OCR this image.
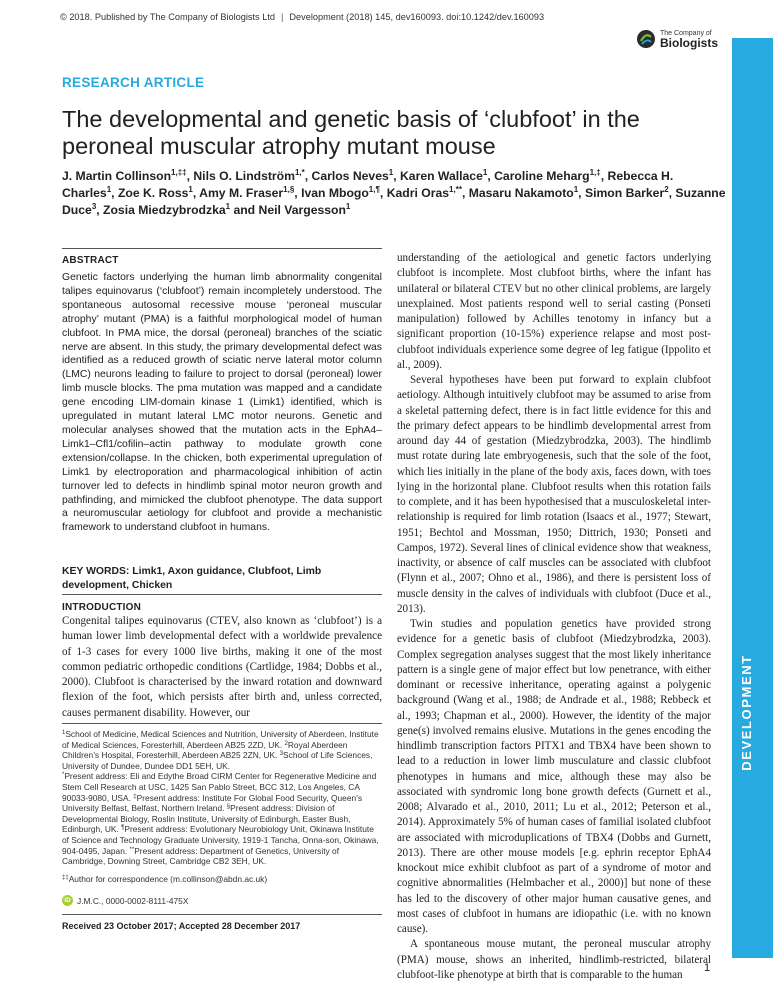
© 2018. Published by The Company of Biologists Ltd | Development (2018) 145, dev160093. doi:10.1242/dev.160093
The Company of
Biologists
DEVELOPMENT
RESEARCH ARTICLE
The developmental and genetic basis of ‘clubfoot’ in the peroneal muscular atrophy mutant mouse
J. Martin Collinson$^{1,\ddagger\ddagger}$, Nils O. Lindström$^{1,*}$, Carlos Neves$^1$, Karen Wallace$^1$, Caroline Meharg$^{1,\ddagger}$, Rebecca H. Charles$^1$, Zoe K. Ross$^1$, Amy M. Fraser$^{1,\S}$, Ivan Mbogo$^{1,\P}$, Kadri Oras$^{1,**}$, Masaru Nakamoto$^1$, Simon Barker$^2$, Suzanne Duce$^3$, Zosia Miedzybrodzka$^1$ and Neil Vargesson$^1$
ABSTRACT

Genetic factors underlying the human limb abnormality congenital talipes equinovarus (‘clubfoot’) remain incompletely understood. The spontaneous autosomal recessive mouse ‘peroneal muscular atrophy’ mutant (PMA) is a faithful morphological model of human clubfoot. In PMA mice, the dorsal (peroneal) branches of the sciatic nerve are absent. In this study, the primary developmental defect was identified as a reduced growth of sciatic nerve lateral motor column (LMC) neurons leading to failure to project to dorsal (peroneal) lower limb muscle blocks. The pma mutation was mapped and a candidate gene encoding LIM-domain kinase 1 (Limk1) identified, which is upregulated in mutant lateral LMC motor neurons. Genetic and molecular analyses showed that the mutation acts in the EphA4–Limk1–Cfl1/cofilin–actin pathway to modulate growth cone extension/collapse. In the chicken, both experimental upregulation of Limk1 by electroporation and pharmacological inhibition of actin turnover led to defects in hindlimb spinal motor neuron growth and pathfinding, and mimicked the clubfoot phenotype. The data support a neuromuscular aetiology for clubfoot and provide a mechanistic framework to understand clubfoot in humans.

KEY WORDS: Limk1, Axon guidance, Clubfoot, Limb development, Chicken

INTRODUCTION

Congenital talipes equinovarus (CTEV, also known as ‘clubfoot’) is a human lower limb developmental defect with a worldwide prevalence of 1-3 cases for every 1000 live births, making it one of the most common pediatric orthopedic conditions (Cartlidge, 1984; Dobbs et al., 2000). Clubfoot is characterised by the inward rotation and downward flexion of the foot, which persists after birth and, unless corrected, causes permanent disability. However, our

$^1$School of Medicine, Medical Sciences and Nutrition, University of Aberdeen, Institute of Medical Sciences, Foresterhill, Aberdeen AB25 2ZD, UK. $^2$Royal Aberdeen Children’s Hospital, Foresterhill, Aberdeen AB25 2ZN, UK. $^3$School of Life Sciences, University of Dundee, Dundee DD1 5EH, UK.
*Present address: Eli and Edythe Broad CIRM Center for Regenerative Medicine and Stem Cell Research at USC, 1425 San Pablo Street, BCC 312, Los Angeles, CA 90033-9080, USA. ‡Present address: Institute For Global Food Security, Queen’s University Belfast, Belfast, Northern Ireland. §Present address: Division of Developmental Biology, Roslin Institute, University of Edinburgh, Easter Bush, Edinburgh, UK. ¶Present address: Evolutionary Neurobiology Unit, Okinawa Institute of Science and Technology Graduate University, 1919-1 Tancha, Onna-son, Okinawa, 904-0495, Japan. **Present address: Department of Genetics, University of Cambridge, Downing Street, Cambridge CB2 3EH, UK.
‡‡Author for correspondence (m.collinson@abdn.ac.uk)
iD J.M.C., 0000-0002-8111-475X
Received 23 October 2017; Accepted 28 December 2017

understanding of the aetiological and genetic factors underlying clubfoot is incomplete. Most clubfoot births, where the infant has unilateral or bilateral CTEV but no other clinical problems, are largely unexplained. Most patients respond well to serial casting (Ponseti manipulation) followed by Achilles tenotomy in infancy but a significant proportion (10-15%) experience relapse and most post-clubfoot individuals experience some degree of leg fatigue (Ippolito et al., 2009).

Several hypotheses have been put forward to explain clubfoot aetiology. Although intuitively clubfoot may be assumed to arise from a skeletal patterning defect, there is in fact little evidence for this and the primary defect appears to be hindlimb developmental arrest from around day 44 of gestation (Miedzybrodzka, 2003). The hindlimb must rotate during late embryogenesis, such that the sole of the foot, which lies initially in the plane of the body axis, faces down, with toes lying in the horizontal plane. Clubfoot results when this rotation fails to complete, and it has been hypothesised that a musculoskeletal inter-relationship is required for limb rotation (Isaacs et al., 1977; Stewart, 1951; Bechtol and Mossman, 1950; Dittrich, 1930; Ponseti and Campos, 1972). Several lines of clinical evidence show that weakness, inactivity, or absence of calf muscles can be associated with clubfoot (Flynn et al., 2007; Ohno et al., 1986), and there is persistent loss of muscle density in the calves of individuals with clubfoot (Duce et al., 2013).

Twin studies and population genetics have provided strong evidence for a genetic basis of clubfoot (Miedzybrodzka, 2003). Complex segregation analyses suggest that the most likely inheritance pattern is a single gene of major effect but low penetrance, with either dominant or recessive inheritance, operating against a polygenic background (Wang et al., 1988; de Andrade et al., 1988; Rebbeck et al., 1993; Chapman et al., 2000). However, the identity of the major gene(s) involved remains elusive. Mutations in the genes encoding the hindlimb transcription factors PITX1 and TBX4 have been shown to lead to a reduction in lower limb musculature and classic clubfoot phenotypes in humans and mice, although these may also be associated with syndromic long bone growth defects (Gurnett et al., 2008; Alvarado et al., 2010, 2011; Lu et al., 2012; Peterson et al., 2014). Approximately 5% of human cases of familial isolated clubfoot are associated with microduplications of TBX4 (Dobbs and Gurnett, 2013). There are other mouse models [e.g. ephrin receptor EphA4 knockout mice exhibit clubfoot as part of a syndrome of motor and cognitive abnormalities (Helmbacher et al., 2000)] but none of these has led to the discovery of other major human causative genes, and most cases of clubfoot in humans are idiopathic (i.e. with no known cause).

A spontaneous mouse mutant, the peroneal muscular atrophy (PMA) mouse, shows an inherited, hindlimb-restricted, bilateral clubfoot-like phenotype at birth that is comparable to the human

1
